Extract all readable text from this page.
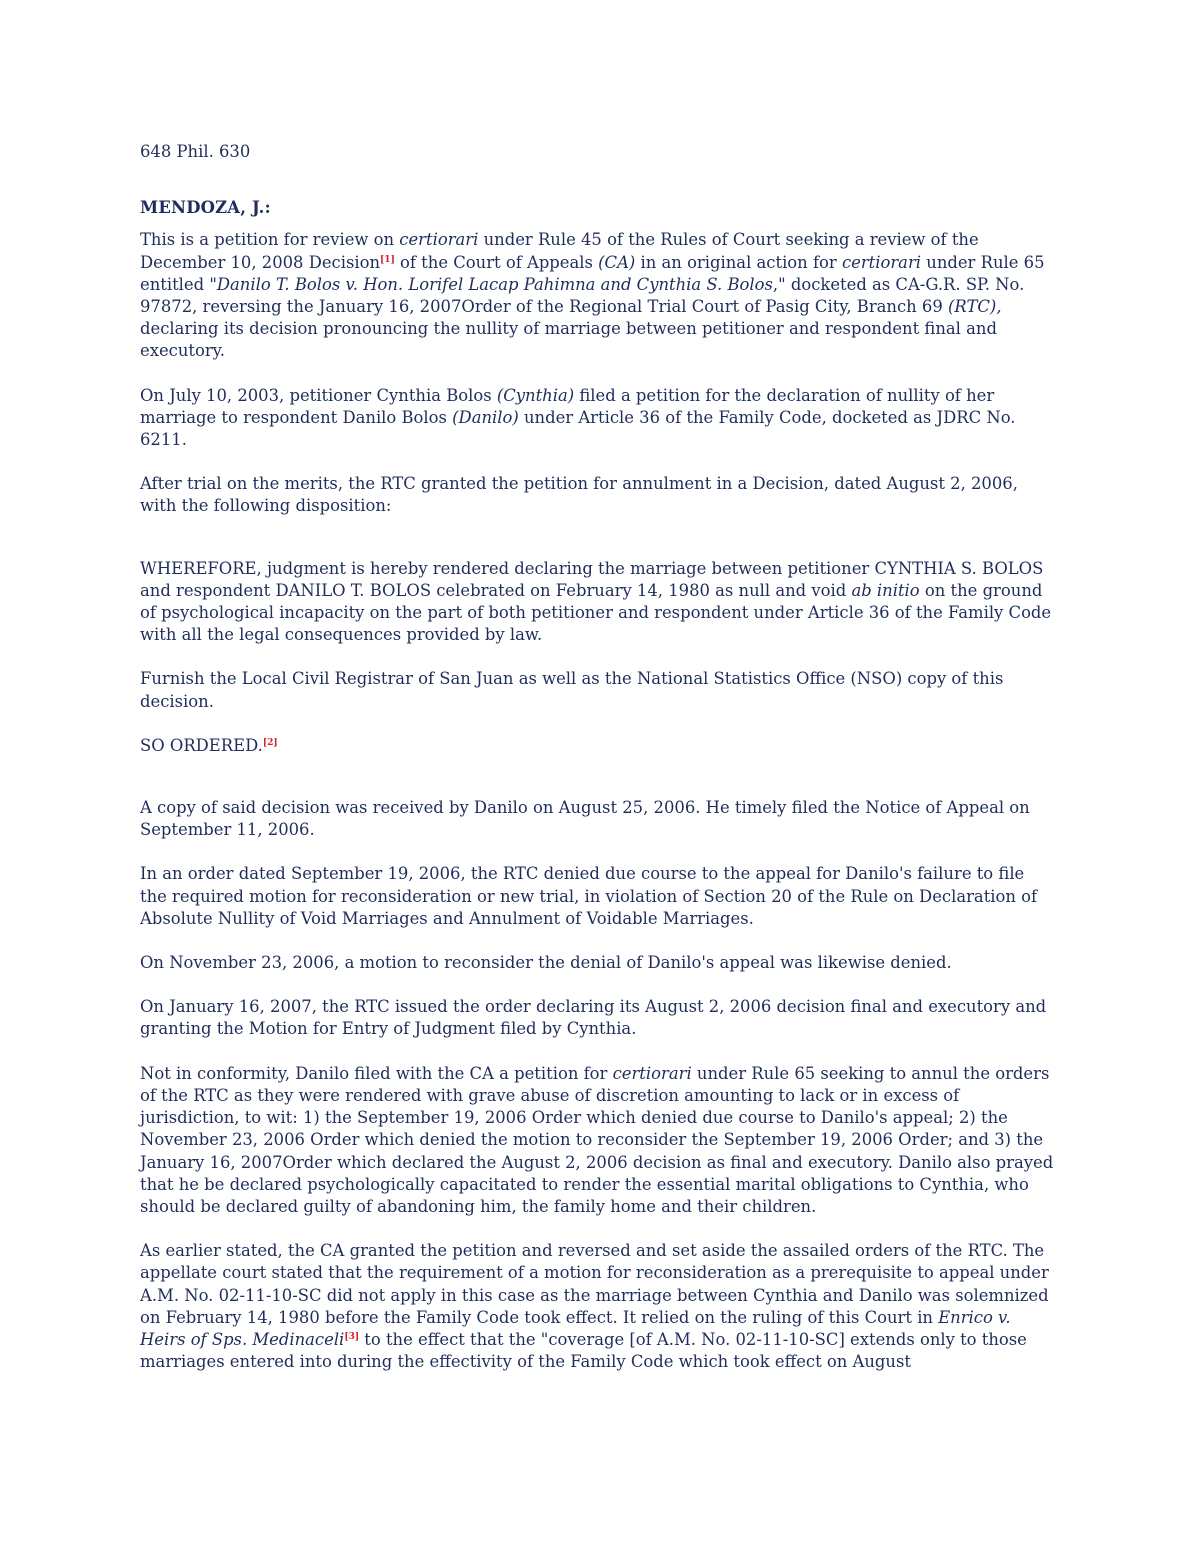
648 Phil. 630
MENDOZA, J.:

This is a petition for review on certiorari under Rule 45 of the Rules of Court seeking a review of the December 10, 2008 Decision[1] of the Court of Appeals (CA) in an original action for certiorari under Rule 65 entitled "Danilo T. Bolos v. Hon. Lorifel Lacap Pahimna and Cynthia S. Bolos," docketed as CA-G.R. SP. No. 97872, reversing the January 16, 2007Order of the Regional Trial Court of Pasig City, Branch 69 (RTC), declaring its decision pronouncing the nullity of marriage between petitioner and respondent final and executory.

On July 10, 2003, petitioner Cynthia Bolos (Cynthia) filed a petition for the declaration of nullity of her marriage to respondent Danilo Bolos (Danilo) under Article 36 of the Family Code, docketed as JDRC No. 6211.

After trial on the merits, the RTC granted the petition for annulment in a Decision, dated August 2, 2006, with the following disposition:

WHEREFORE, judgment is hereby rendered declaring the marriage between petitioner CYNTHIA S. BOLOS and respondent DANILO T. BOLOS celebrated on February 14, 1980 as null and void ab initio on the ground of psychological incapacity on the part of both petitioner and respondent under Article 36 of the Family Code with all the legal consequences provided by law.

Furnish the Local Civil Registrar of San Juan as well as the National Statistics Office (NSO) copy of this decision.

SO ORDERED.[2]

A copy of said decision was received by Danilo on August 25, 2006. He timely filed the Notice of Appeal on September 11, 2006.

In an order dated September 19, 2006, the RTC denied due course to the appeal for Danilo's failure to file the required motion for reconsideration or new trial, in violation of Section 20 of the Rule on Declaration of Absolute Nullity of Void Marriages and Annulment of Voidable Marriages.

On November 23, 2006, a motion to reconsider the denial of Danilo's appeal was likewise denied.

On January 16, 2007, the RTC issued the order declaring its August 2, 2006 decision final and executory and granting the Motion for Entry of Judgment filed by Cynthia.

Not in conformity, Danilo filed with the CA a petition for certiorari under Rule 65 seeking to annul the orders of the RTC as they were rendered with grave abuse of discretion amounting to lack or in excess of jurisdiction, to wit: 1) the September 19, 2006 Order which denied due course to Danilo's appeal; 2) the November 23, 2006 Order which denied the motion to reconsider the September 19, 2006 Order; and 3) the January 16, 2007Order which declared the August 2, 2006 decision as final and executory. Danilo also prayed that he be declared psychologically capacitated to render the essential marital obligations to Cynthia, who should be declared guilty of abandoning him, the family home and their children.

As earlier stated, the CA granted the petition and reversed and set aside the assailed orders of the RTC. The appellate court stated that the requirement of a motion for reconsideration as a prerequisite to appeal under A.M. No. 02-11-10-SC did not apply in this case as the marriage between Cynthia and Danilo was solemnized on February 14, 1980 before the Family Code took effect. It relied on the ruling of this Court in Enrico v. Heirs of Sps. Medinaceli[3] to the effect that the "coverage [of A.M. No. 02-11-10-SC] extends only to those marriages entered into during the effectivity of the Family Code which took effect on August
